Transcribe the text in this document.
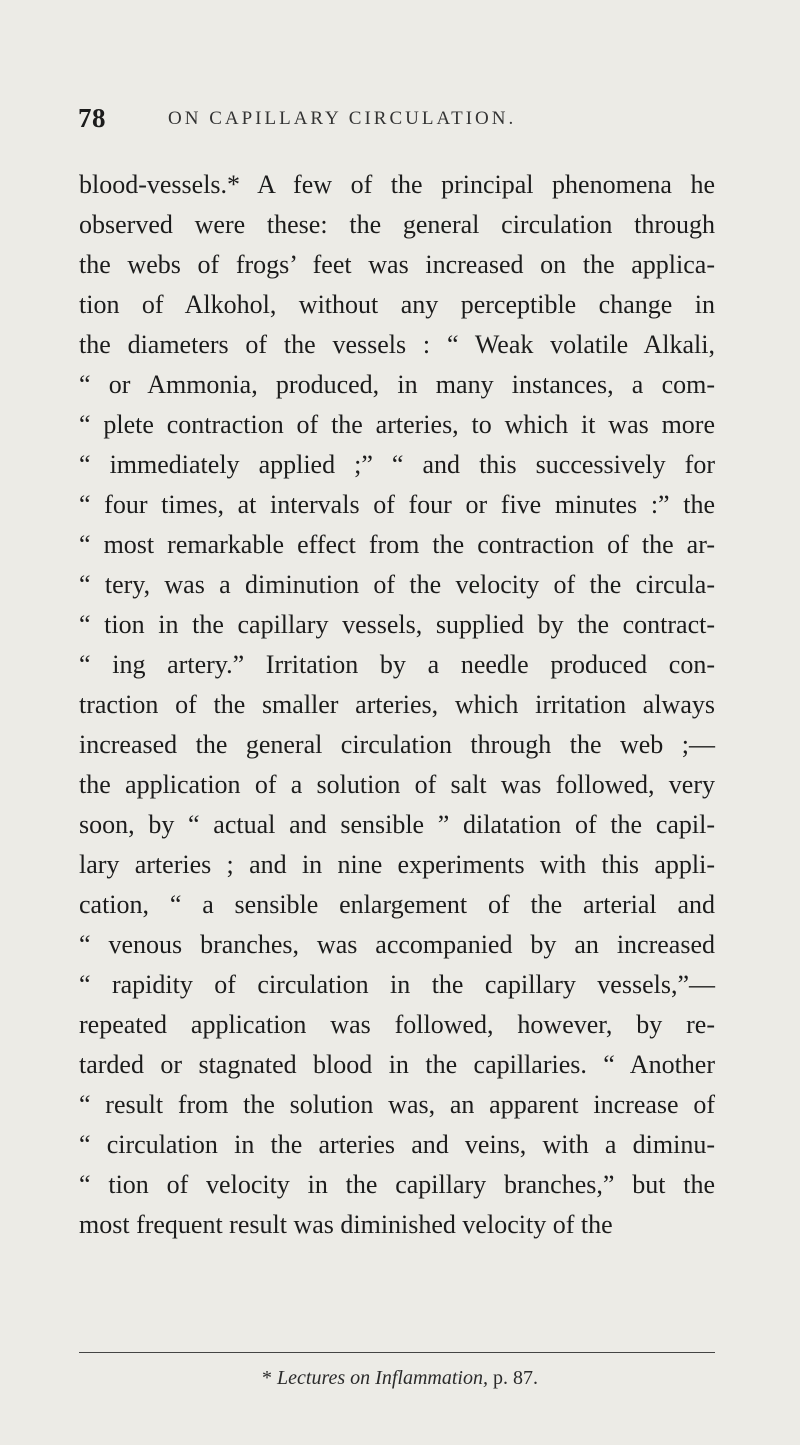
78	ON CAPILLARY CIRCULATION.
blood-vessels.* A few of the principal phenomena he
observed were these: the general circulation through
the webs of frogs’ feet was increased on the applica-
tion of Alkohol, without any perceptible change in
the diameters of the vessels : “ Weak volatile Alkali,
“ or Ammonia, produced, in many instances, a com-
“ plete contraction of the arteries, to which it was more
“ immediately applied ;” “ and this successively for
“ four times, at intervals of four or five minutes :” the
“ most remarkable effect from the contraction of the ar-
“ tery, was a diminution of the velocity of the circula-
“ tion in the capillary vessels, supplied by the contract-
“ ing artery.” Irritation by a needle produced con-
traction of the smaller arteries, which irritation always
increased the general circulation through the web ;—
the application of a solution of salt was followed, very
soon, by “ actual and sensible ” dilatation of the capil-
lary arteries ; and in nine experiments with this appli-
cation, “ a sensible enlargement of the arterial and
“ venous branches, was accompanied by an increased
“ rapidity of circulation in the capillary vessels,”—
repeated application was followed, however, by re-
tarded or stagnated blood in the capillaries. “ Another
“ result from the solution was, an apparent increase of
“ circulation in the arteries and veins, with a diminu-
“ tion of velocity in the capillary branches,” but the
most frequent result was diminished velocity of the
* Lectures on Inflammation, p. 87.
